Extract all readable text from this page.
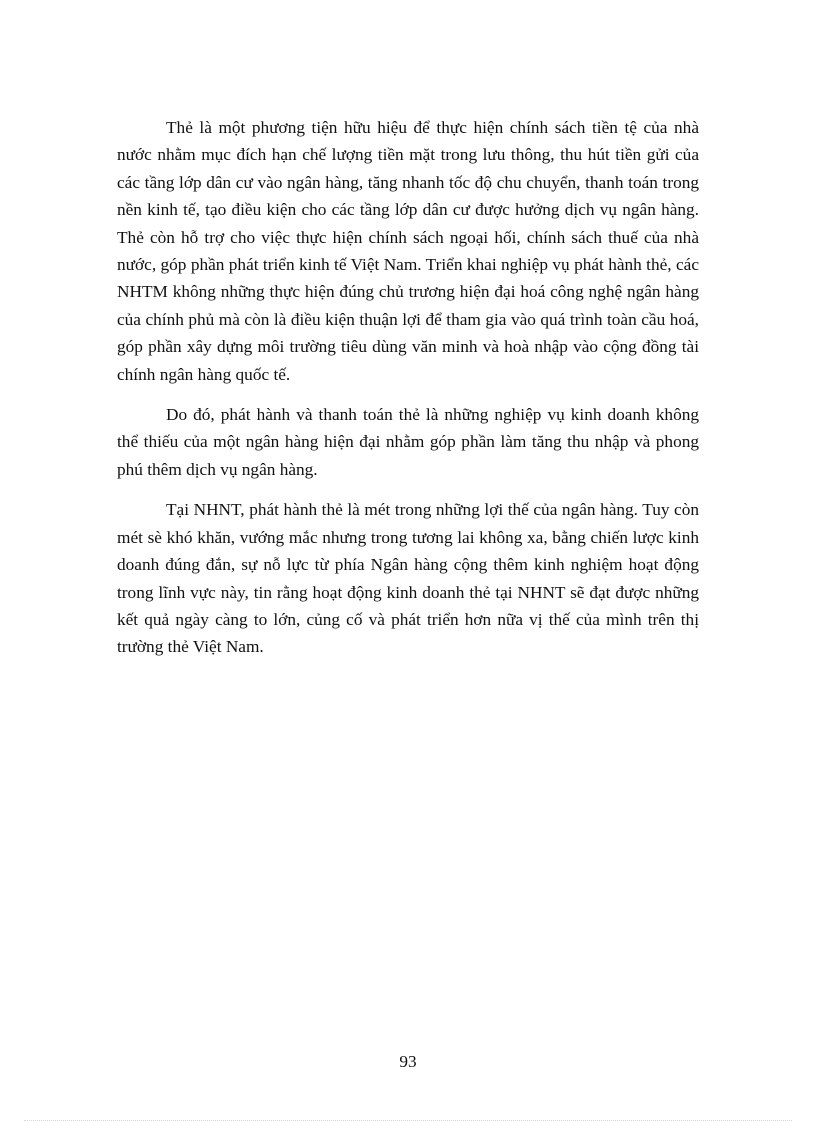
Thẻ là một phương tiện hữu hiệu để thực hiện chính sách tiền tệ của nhà nước nhằm mục đích hạn chế lượng tiền mặt trong lưu thông, thu hút tiền gửi của các tầng lớp dân cư vào ngân hàng, tăng nhanh tốc độ chu chuyển, thanh toán trong nền kinh tế, tạo điều kiện cho các tầng lớp dân cư được hưởng dịch vụ ngân hàng. Thẻ còn hỗ trợ cho việc thực hiện chính sách ngoại hối, chính sách thuế của nhà nước, góp phần phát triển kinh tế Việt Nam. Triển khai nghiệp vụ phát hành thẻ, các NHTM không những thực hiện đúng chủ trương hiện đại hoá công nghệ ngân hàng của chính phủ mà còn là điều kiện thuận lợi để tham gia vào quá trình toàn cầu hoá, góp phần xây dựng môi trường tiêu dùng văn minh và hoà nhập vào cộng đồng tài chính ngân hàng quốc tế.

Do đó, phát hành và thanh toán thẻ là những nghiệp vụ kinh doanh không thể thiếu của một ngân hàng hiện đại nhằm góp phần làm tăng thu nhập và phong phú thêm dịch vụ ngân hàng.

Tại NHNT, phát hành thẻ là mét trong những lợi thế của ngân hàng. Tuy còn mét sè khó khăn, vướng mắc nhưng trong tương lai không xa, bằng chiến lược kinh doanh đúng đắn, sự nỗ lực từ phía Ngân hàng cộng thêm kinh nghiệm hoạt động trong lĩnh vực này, tin rằng hoạt động kinh doanh thẻ tại NHNT sẽ đạt được những kết quả ngày càng to lớn, củng cố và phát triển hơn nữa vị thế của mình trên thị trường thẻ Việt Nam.

93
